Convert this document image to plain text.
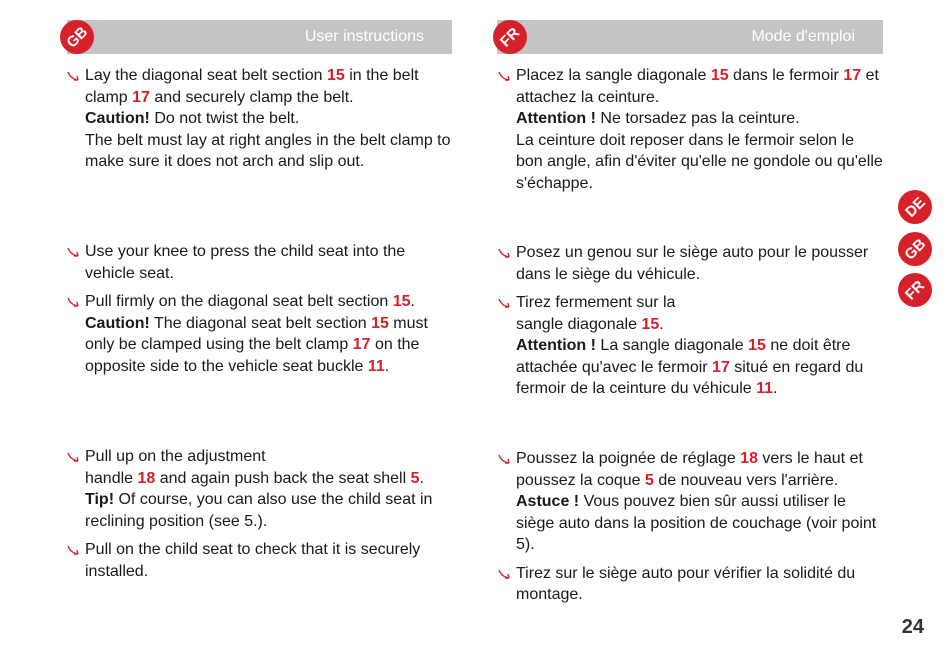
User instructions
GB	Mode d'emploi
FR
Lay the diagonal seat belt section 15 in the belt clamp 17 and securely clamp the belt.
Caution! Do not twist the belt.
The belt must lay at right angles in the belt clamp to make sure it does not arch and slip out.
Use your knee to press the child seat into the vehicle seat.
Pull firmly on the diagonal seat belt section 15.
Caution! The diagonal seat belt section 15 must only be clamped using the belt clamp 17 on the opposite side to the vehicle seat buckle 11.
Pull up on the adjustment
handle 18 and again push back the seat shell 5.
Tip! Of course, you can also use the child seat in reclining position (see 5.).
Pull on the child seat to check that it is securely installed.
Placez la sangle diagonale 15 dans le fermoir 17 et attachez la ceinture.
Attention ! Ne torsadez pas la ceinture.
La ceinture doit reposer dans le fermoir selon le bon angle, afin d'éviter qu'elle ne gondole ou qu'elle s'échappe.
Posez un genou sur le siège auto pour le pousser dans le siège du véhicule.
Tirez fermement sur la
sangle diagonale 15.
Attention ! La sangle diagonale 15 ne doit être attachée qu'avec le fermoir 17 situé en regard du fermoir de la ceinture du véhicule 11.
Poussez la poignée de réglage 18 vers le haut et poussez la coque 5 de nouveau vers l'arrière.
Astuce ! Vous pouvez bien sûr aussi utiliser le siège auto dans la position de couchage (voir point 5).
Tirez sur le siège auto pour vérifier la solidité du montage.
DE
GB
FR
24
